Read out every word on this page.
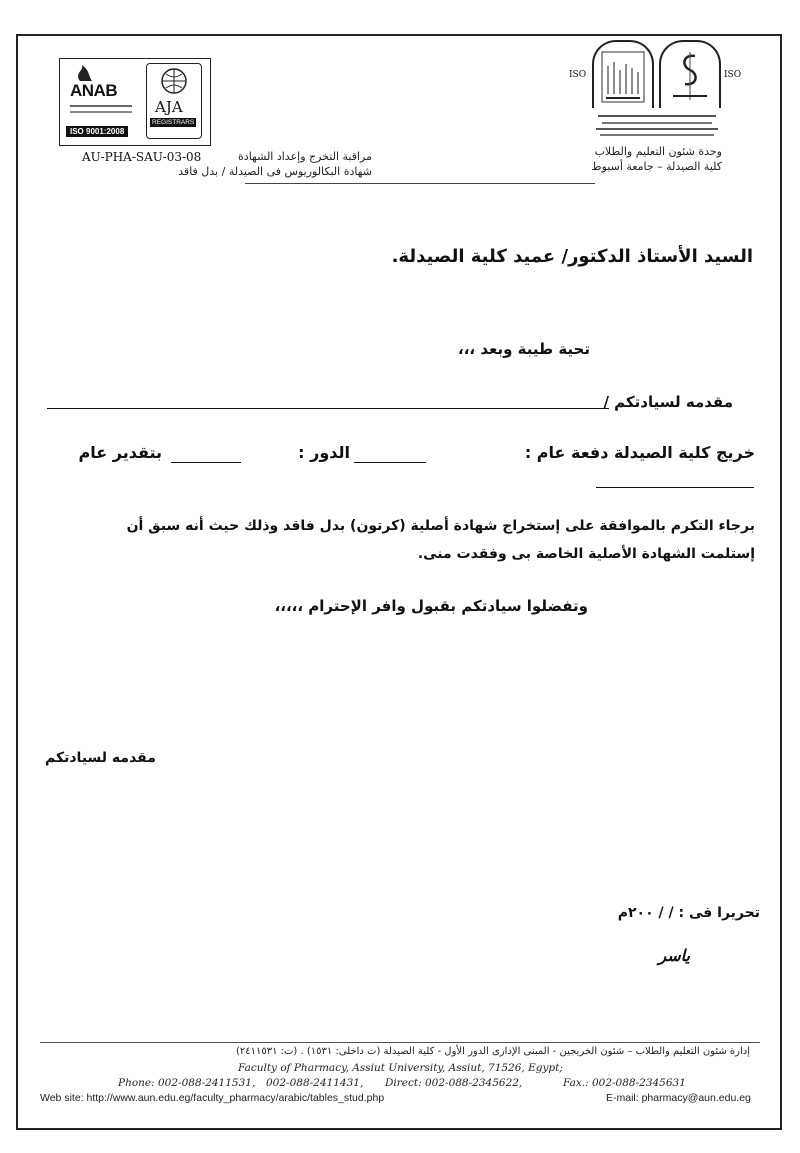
ISO	ISO
وحدة شئون التعليم والطلاب
كلية الصيدلة – جامعة أسيوط
ANAB
ISO 9001:2008
AJA
REGISTRARS
AU-PHA-SAU-03-08	مراقبة التخرج وإعداد الشهادة
شهادة البكالوريوس فى الصيدلة / بدل فاقد
السيد الأستاذ الدكتور/ عميد كلية الصيدلة.
تحية طيبة وبعد ،،،
مقدمه لسيادتكم /
خريج كلية الصيدلة دفعة عام :
الدور :
بتقدير عام
برجاء التكرم بالموافقة على إستخراج شهادة أصلية (كرتون) بدل فاقد وذلك حيث أنه سبق أن
إستلمت الشهادة الأصلية الخاصة بى وفقدت منى.
وتفضلوا سيادتكم بقبول وافر الإحترام ،،،،،
مقدمه لسيادتكم
تحريرا فى : / / ٢٠٠م
ياسر
إدارة شئون التعليم والطلاب – شئون الخريجين - المبنى الإدارى الدور الأول - كلية الصيدلة (ت داخلى: ١٥٣١) . (ت: ٢٤١١٥٣١)
Faculty of Pharmacy, Assiut University, Assiut, 71526, Egypt;
Phone: 002-088-2411531, 002-088-2411431, Direct: 002-088-2345622,	Fax.: 002-088-2345631
Web site: http://www.aun.edu.eg/faculty_pharmacy/arabic/tables_stud.php	E-mail: pharmacy@aun.edu.eg
